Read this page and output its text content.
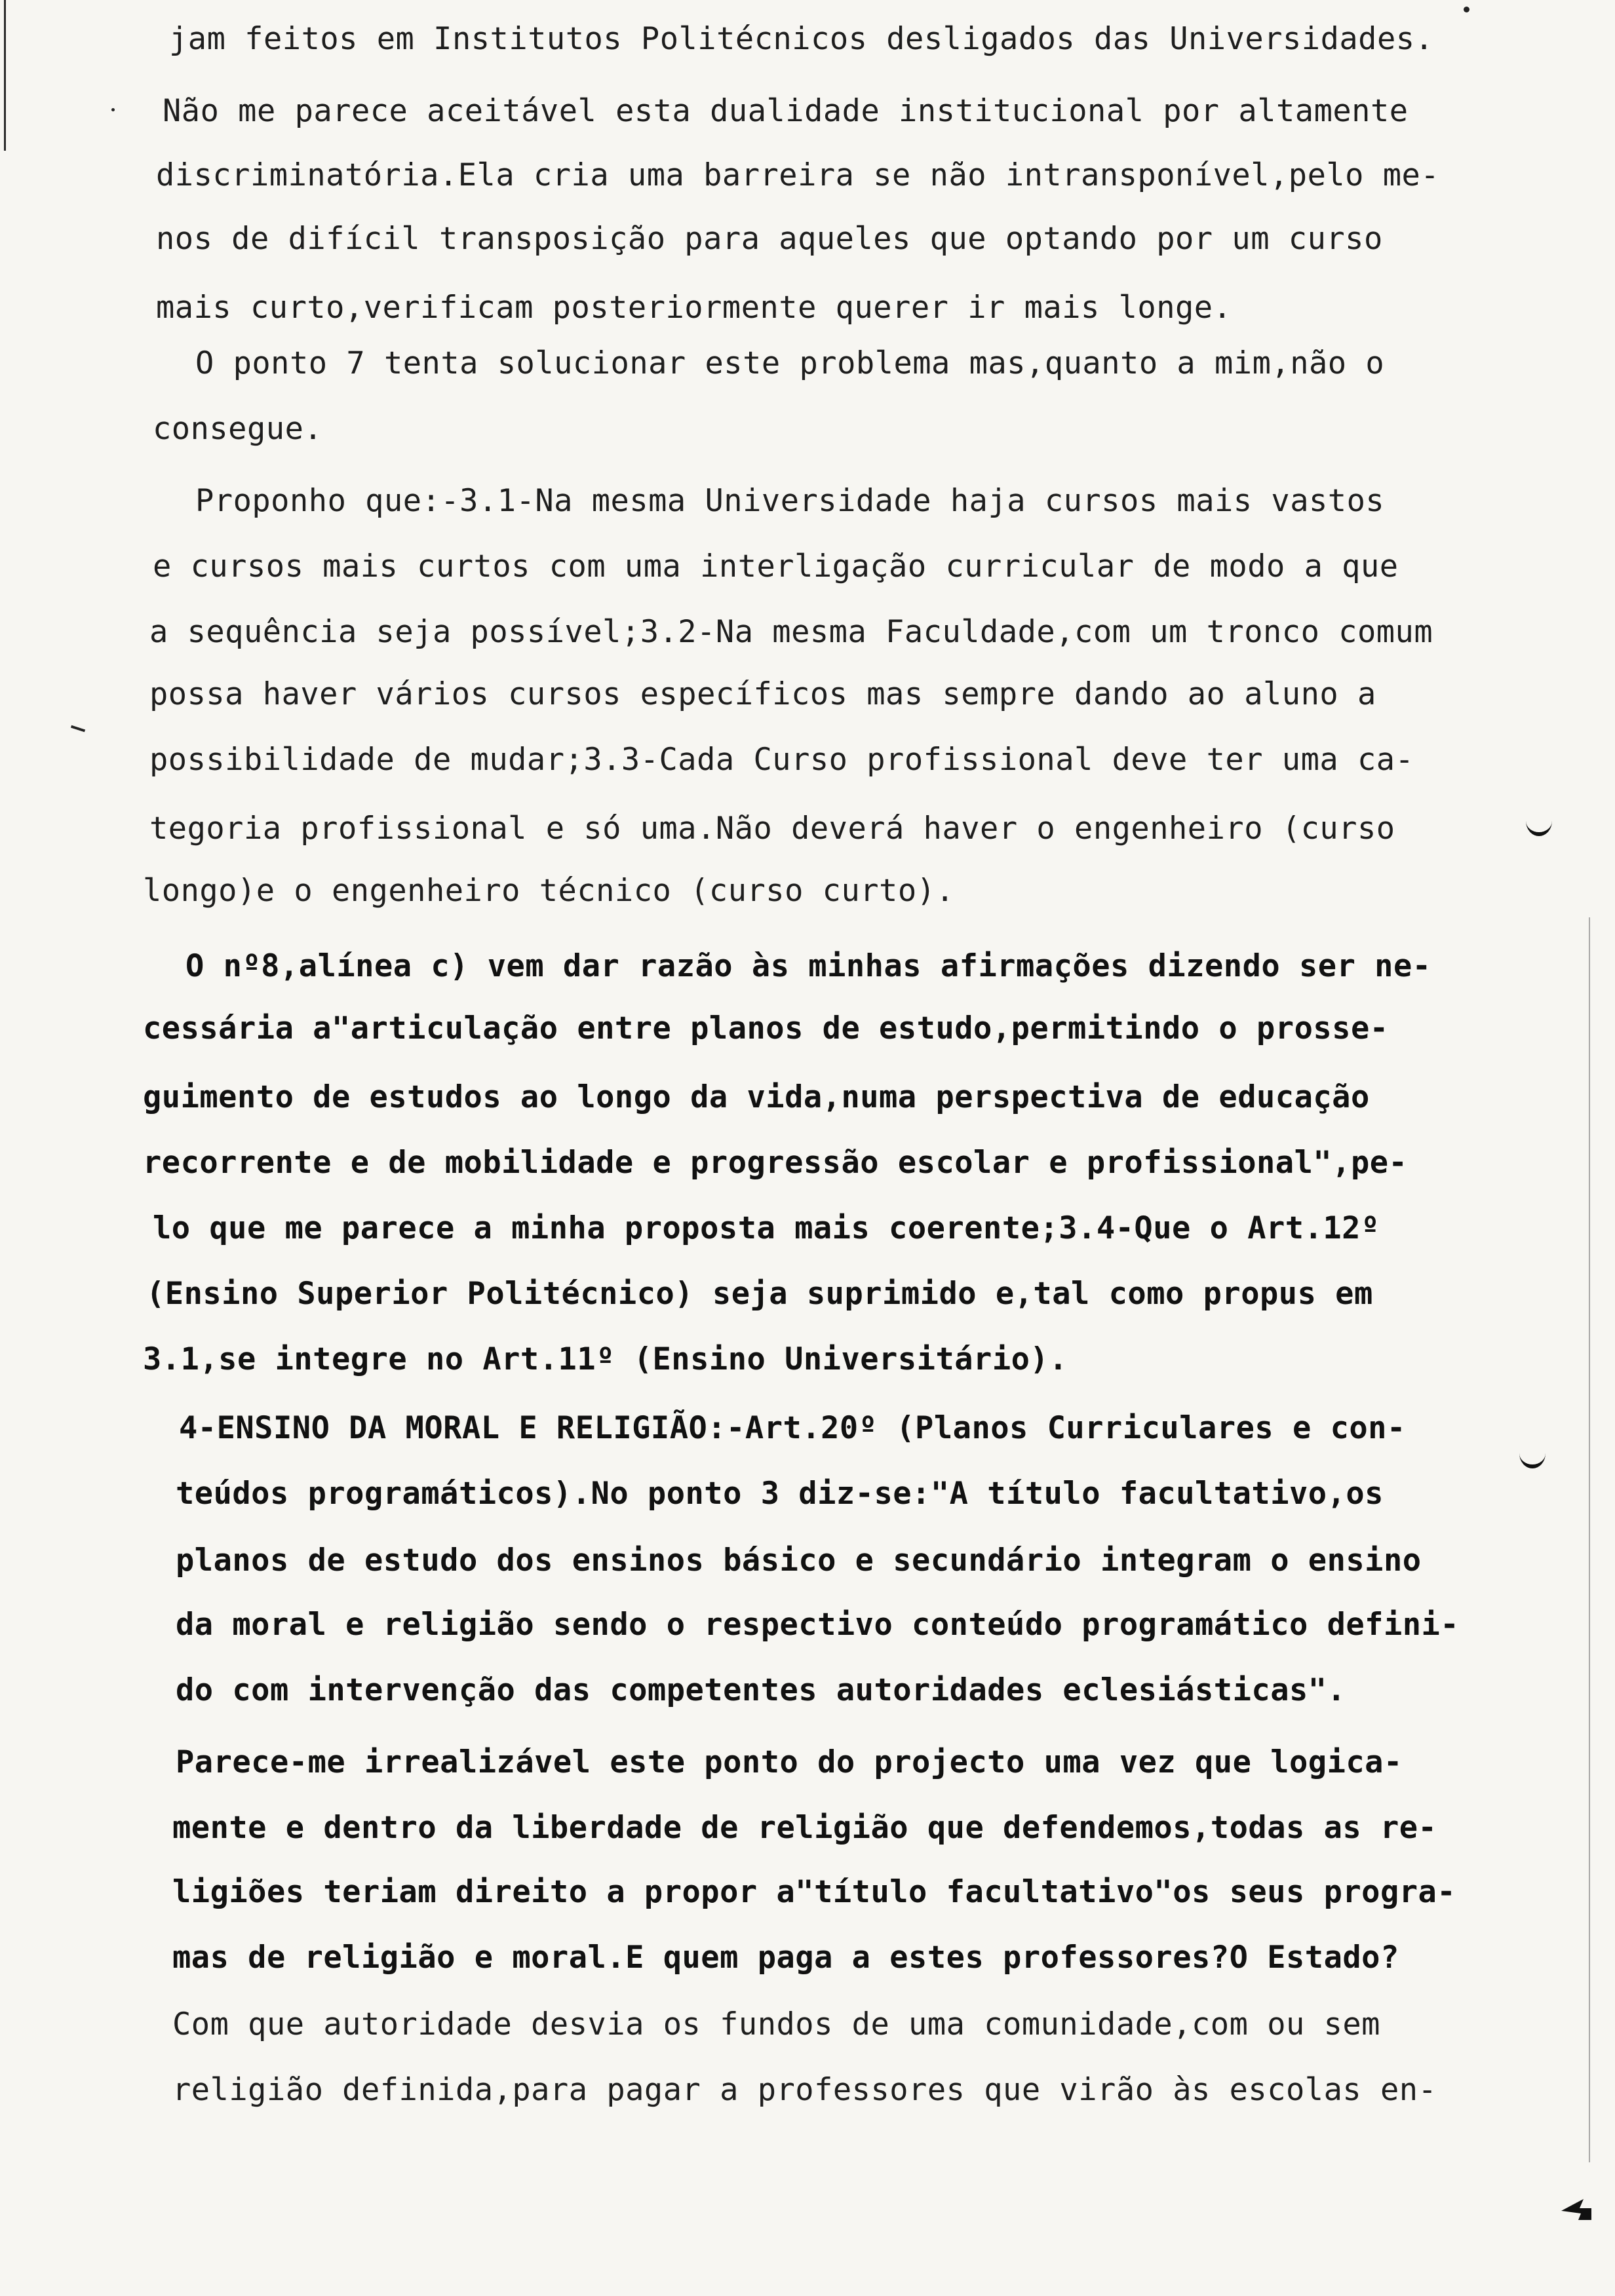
jam feitos em Institutos Politécnicos desligados das Universidades.
Não me parece aceitável esta dualidade institucional por altamente
discriminatória.Ela cria uma barreira se não intransponível,pelo me-
nos de difícil transposição para aqueles que optando por um curso
mais curto,verificam posteriormente querer ir mais longe.
O ponto 7 tenta solucionar este problema mas,quanto a mim,não o
consegue.
Proponho que:-3.1-Na mesma Universidade haja cursos mais vastos
e cursos mais curtos com uma interligação curricular de modo a que
a sequência seja possível;3.2-Na mesma Faculdade,com um tronco comum
possa haver vários cursos específicos mas sempre dando ao aluno a
possibilidade de mudar;3.3-Cada Curso profissional deve ter uma ca-
tegoria profissional e só uma.Não deverá haver o engenheiro (curso
longo)e o engenheiro técnico (curso curto).
O nº8,alínea c) vem dar razão às minhas afirmações dizendo ser ne-
cessária a"articulação entre planos de estudo,permitindo o prosse-
guimento de estudos ao longo da vida,numa perspectiva de educação
recorrente e de mobilidade e progressão escolar e profissional",pe-
lo que me parece a minha proposta mais coerente;3.4-Que o Art.12º
(Ensino Superior Politécnico) seja suprimido e,tal como propus em
3.1,se integre no Art.11º (Ensino Universitário).
4-ENSINO DA MORAL E RELIGIÃO:-Art.20º (Planos Curriculares e con-
teúdos programáticos).No ponto 3 diz-se:"A título facultativo,os
planos de estudo dos ensinos básico e secundário integram o ensino
da moral e religião sendo o respectivo conteúdo programático defini-
do com intervenção das competentes autoridades eclesiásticas".
Parece-me irrealizável este ponto do projecto uma vez que logica-
mente e dentro da liberdade de religião que defendemos,todas as re-
ligiões teriam direito a propor a"título facultativo"os seus progra-
mas de religião e moral.E quem paga a estes professores?O Estado?
Com que autoridade desvia os fundos de uma comunidade,com ou sem
religião definida,para pagar a professores que virão às escolas en-
